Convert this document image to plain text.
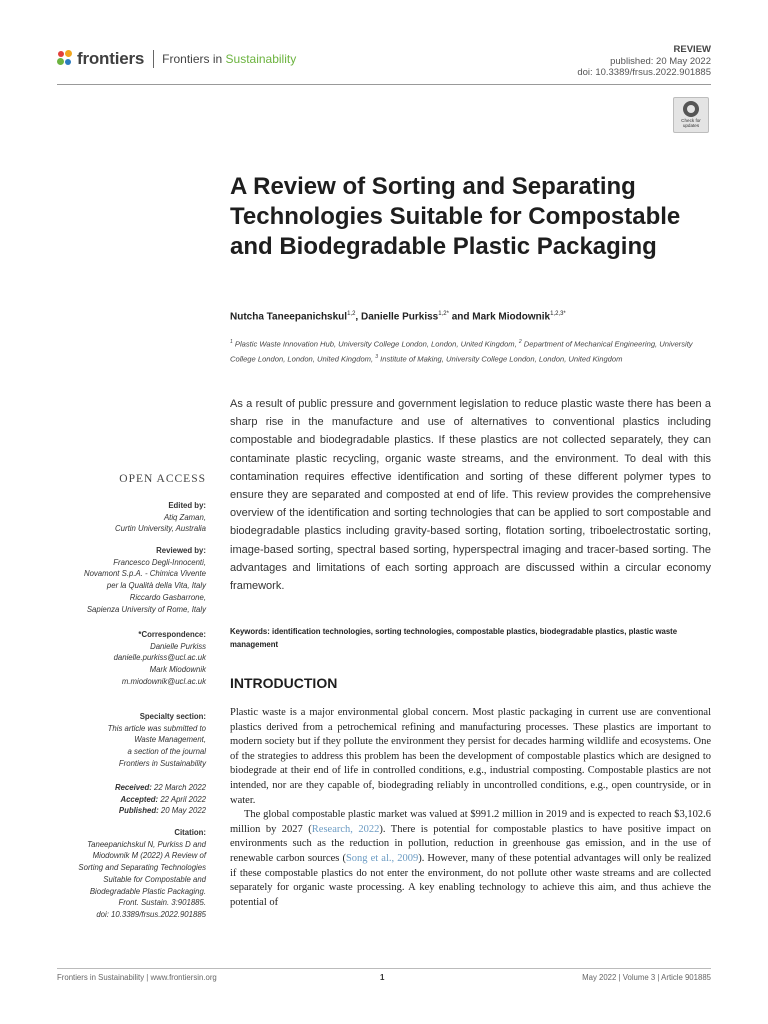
frontiers Frontiers in Sustainability
REVIEW
published: 20 May 2022
doi: 10.3389/frsus.2022.901885
Check for updates
A Review of Sorting and Separating Technologies Suitable for Compostable and Biodegradable Plastic Packaging
Nutcha Taneepanichskul$^{1,2}$, Danielle Purkiss$^{1,2*}$ and Mark Miodownik$^{1,2,3*}$
$^1$ Plastic Waste Innovation Hub, University College London, London, United Kingdom, $^2$ Department of Mechanical Engineering, University College London, London, United Kingdom, $^3$ Institute of Making, University College London, London, United Kingdom

As a result of public pressure and government legislation to reduce plastic waste there has been a sharp rise in the manufacture and use of alternatives to conventional plastics including compostable and biodegradable plastics. If these plastics are not collected separately, they can contaminate plastic recycling, organic waste streams, and the environment. To deal with this contamination requires effective identification and sorting of these different polymer types to ensure they are separated and composted at end of life. This review provides the comprehensive overview of the identification and sorting technologies that can be applied to sort compostable and biodegradable plastics including gravity-based sorting, flotation sorting, triboelectrostatic sorting, image-based sorting, spectral based sorting, hyperspectral imaging and tracer-based sorting. The advantages and limitations of each sorting approach are discussed within a circular economy framework.

Keywords: identification technologies, sorting technologies, compostable plastics, biodegradable plastics, plastic waste management
INTRODUCTION

Plastic waste is a major environmental global concern. Most plastic packaging in current use are conventional plastics derived from a petrochemical refining and manufacturing processes. These plastics are important to modern society but if they pollute the environment they persist for decades harming wildlife and ecosystems. One of the strategies to address this problem has been the development of compostable plastics which are designed to biodegrade at their end of life in controlled conditions, e.g., industrial composting. Compostable plastics are not intended, nor are they capable of, biodegrading reliably in uncontrolled conditions, e.g., open countryside, or in water.

The global compostable plastic market was valued at $991.2 million in 2019 and is expected to reach $3,102.6 million by 2027 (Research, 2022). There is potential for compostable plastics to have positive impact on environments such as the reduction in pollution, reduction in greenhouse gas emission, and in the use of renewable carbon sources (Song et al., 2009). However, many of these potential advantages will only be realized if these compostable plastics do not enter the environment, do not pollute other waste streams and are collected separately for organic waste processing. A key enabling technology to achieve this aim, and thus achieve the potential of

OPEN ACCESS
Edited by:
Atiq Zaman,
Curtin University, Australia
Reviewed by:
Francesco Degli-Innocenti,
Novamont S.p.A. - Chimica Vivente
per la Qualità della Vita, Italy
Riccardo Gasbarrone,
Sapienza University of Rome, Italy
*Correspondence:
Danielle Purkiss
danielle.purkiss@ucl.ac.uk
Mark Miodownik
m.miodownik@ucl.ac.uk
Specialty section:
This article was submitted to
Waste Management,
a section of the journal
Frontiers in Sustainability
Received: 22 March 2022
Accepted: 22 April 2022
Published: 20 May 2022
Citation:
Taneepanichskul N, Purkiss D and
Miodownik M (2022) A Review of
Sorting and Separating Technologies
Suitable for Compostable and
Biodegradable Plastic Packaging.
Front. Sustain. 3:901885.
doi: 10.3389/frsus.2022.901885
Frontiers in Sustainability | www.frontiersin.org	1	May 2022 | Volume 3 | Article 901885
